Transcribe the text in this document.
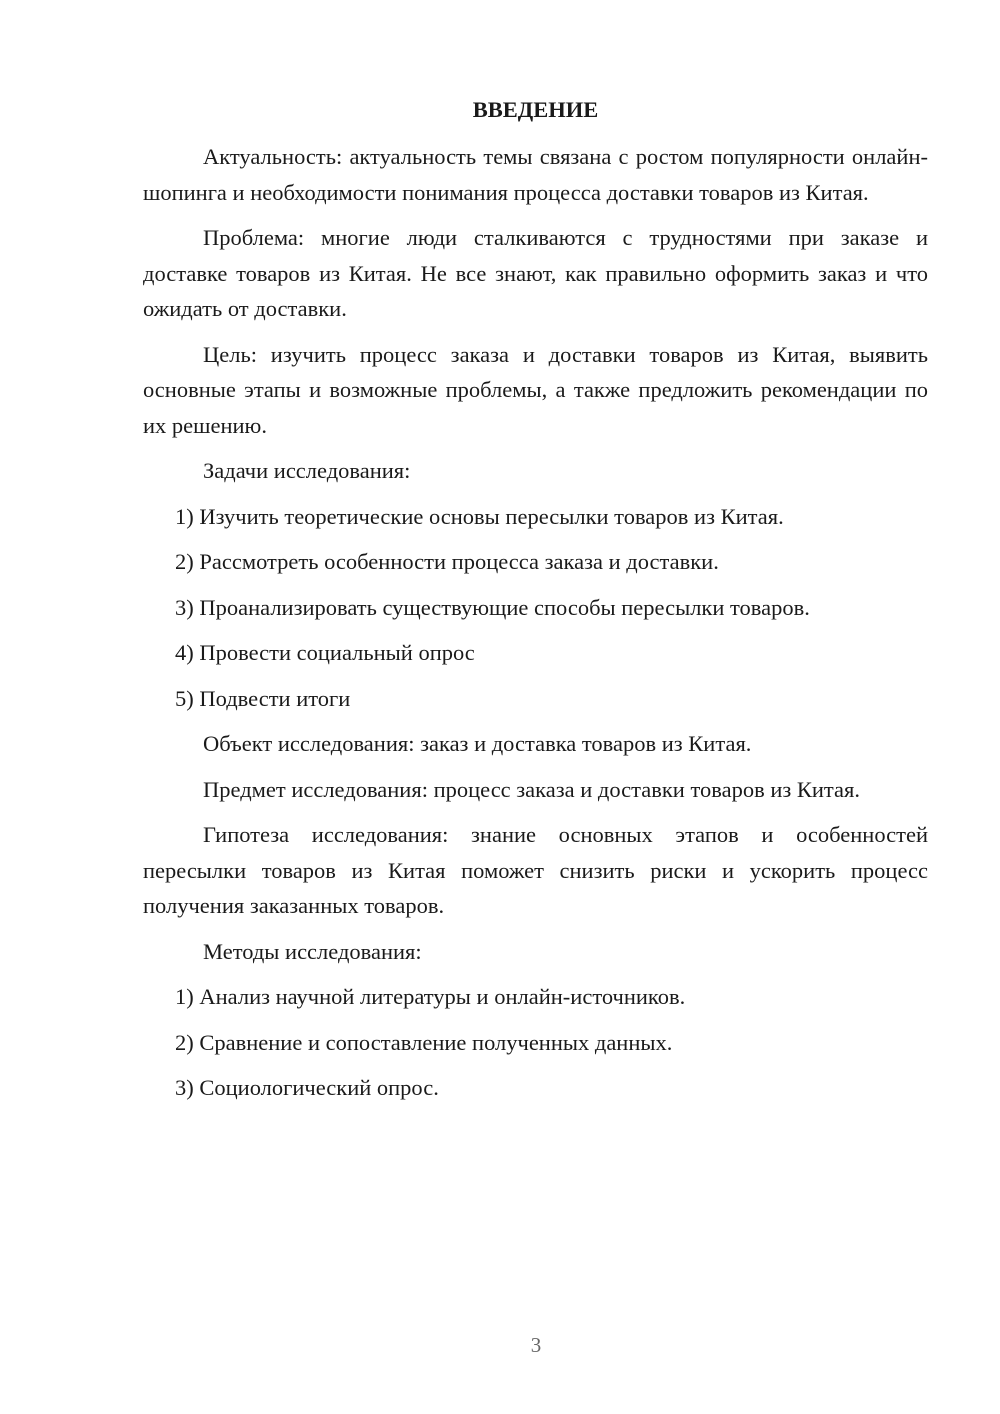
ВВЕДЕНИЕ

Актуальность: актуальность темы связана с ростом популярности онлайн-шопинга и необходимости понимания процесса доставки товаров из Китая.

Проблема: многие люди сталкиваются с трудностями при заказе и доставке товаров из Китая. Не все знают, как правильно оформить заказ и что ожидать от доставки.

Цель: изучить процесс заказа и доставки товаров из Китая, выявить основные этапы и возможные проблемы, а также предложить рекомендации по их решению.

Задачи исследования:

1) Изучить теоретические основы пересылки товаров из Китая.
2) Рассмотреть особенности процесса заказа и доставки.
3) Проанализировать существующие способы пересылки товаров.
4) Провести социальный опрос
5) Подвести итоги

Объект исследования: заказ и доставка товаров из Китая.

Предмет исследования: процесс заказа и доставки товаров из Китая.

Гипотеза исследования: знание основных этапов и особенностей пересылки товаров из Китая поможет снизить риски и ускорить процесс получения заказанных товаров.

Методы исследования:

1) Анализ научной литературы и онлайн-источников.
2) Сравнение и сопоставление полученных данных.
3) Социологический опрос.
3
